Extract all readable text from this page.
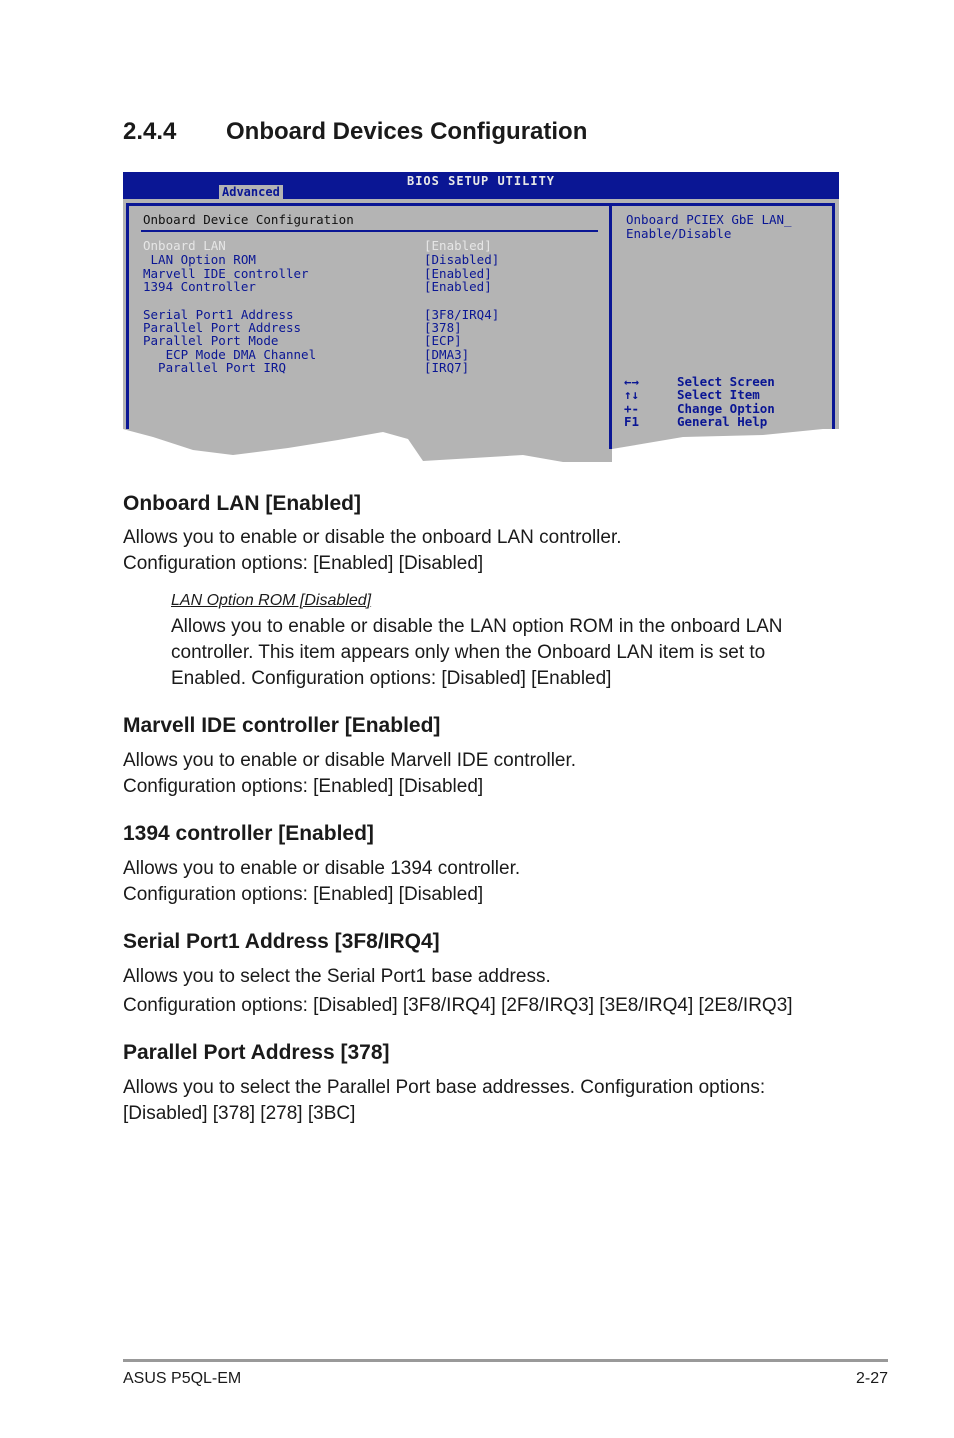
2.4.4 Onboard Devices Configuration
BIOS SETUP UTILITY
Advanced
Onboard Device Configuration

Onboard LAN

	[Enabled]

LAN Option ROM

	[Disabled]

Marvell IDE controller

	[Enabled]

1394 Controller

	[Enabled]

Serial Port1 Address

	[3F8/IRQ4]

Parallel Port Address

	[378]

Parallel Port Mode

	[ECP]

ECP Mode DMA Channel

	[DMA3]

Parallel Port IRQ

	[IRQ7]

Onboard PCIEX GbE LAN_
Enable/Disable
←→	Select Screen
↑↓	Select Item
+-	Change Option
F1	General Help
Onboard LAN [Enabled]
Allows you to enable or disable the onboard LAN controller.
Configuration options: [Enabled] [Disabled]
LAN Option ROM [Disabled]
Allows you to enable or disable the LAN option ROM in the onboard LAN
controller. This item appears only when the Onboard LAN item is set to
Enabled. Configuration options: [Disabled] [Enabled]
Marvell IDE controller [Enabled]
Allows you to enable or disable Marvell IDE controller.
Configuration options: [Enabled] [Disabled]
1394 controller [Enabled]
Allows you to enable or disable 1394 controller.
Configuration options: [Enabled] [Disabled]
Serial Port1 Address [3F8/IRQ4]
Allows you to select the Serial Port1 base address.
Configuration options: [Disabled] [3F8/IRQ4] [2F8/IRQ3] [3E8/IRQ4] [2E8/IRQ3]
Parallel Port Address [378]
Allows you to select the Parallel Port base addresses. Configuration options:
[Disabled] [378] [278] [3BC]
ASUS P5QL-EM	2-27
